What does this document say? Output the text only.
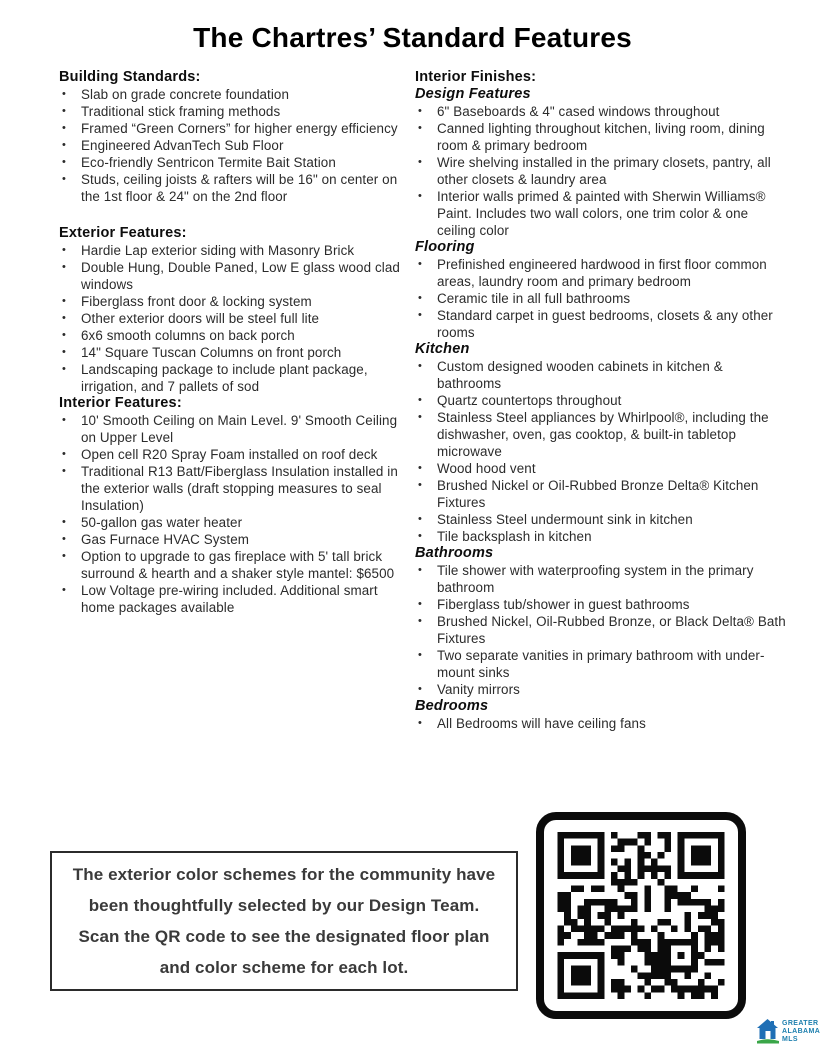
The Chartres’ Standard Features
Building Standards:
•	Slab on grade concrete foundation
•	Traditional stick framing methods
•	Framed “Green Corners” for higher energy efficiency
•	Engineered AdvanTech Sub Floor
•	Eco-friendly Sentricon Termite Bait Station
•	Studs, ceiling joists & rafters will be 16" on center on the 1st floor & 24" on the 2nd floor
Exterior Features:
•	Hardie Lap exterior siding with Masonry Brick
•	Double Hung, Double Paned, Low E glass wood clad windows
•	Fiberglass front door & locking system
•	Other exterior doors will be steel full lite
•	6x6 smooth columns on back porch
•	14" Square Tuscan Columns on front porch
•	Landscaping package to include plant package, irrigation, and 7 pallets of sod
Interior Features:
•	10' Smooth Ceiling on Main Level. 9' Smooth Ceiling on Upper Level
•	Open cell R20 Spray Foam installed on roof deck
•	Traditional R13 Batt/Fiberglass Insulation installed in the exterior walls (draft stopping measures to seal Insulation)
•	50-gallon gas water heater
•	Gas Furnace HVAC System
•	Option to upgrade to gas fireplace with 5' tall brick surround & hearth and a shaker style mantel: $6500
•	Low Voltage pre-wiring included. Additional smart home packages available
Interior Finishes:
Design Features
•	6" Baseboards & 4" cased windows throughout
•	Canned lighting throughout kitchen, living room, dining room & primary bedroom
•	Wire shelving installed in the primary closets, pantry, all other closets & laundry area
•	Interior walls primed & painted with Sherwin Williams® Paint. Includes two wall colors, one trim color & one ceiling color
Flooring
•	Prefinished engineered hardwood in first floor common areas, laundry room and primary bedroom
•	Ceramic tile in all full bathrooms
•	Standard carpet in guest bedrooms, closets & any other rooms
Kitchen
•	Custom designed wooden cabinets in kitchen & bathrooms
•	Quartz countertops throughout
•	Stainless Steel appliances by Whirlpool®, including the dishwasher, oven, gas cooktop, & built-in tabletop microwave
•	Wood hood vent
•	Brushed Nickel or Oil-Rubbed Bronze Delta® Kitchen Fixtures
•	Stainless Steel undermount sink in kitchen
•	Tile backsplash in kitchen
Bathrooms
•	Tile shower with waterproofing system in the primary bathroom
•	Fiberglass tub/shower in guest bathrooms
•	Brushed Nickel, Oil-Rubbed Bronze, or Black Delta® Bath Fixtures
•	Two separate vanities in primary bathroom with under-mount sinks
•	Vanity mirrors
Bedrooms
•	All Bedrooms will have ceiling fans
The exterior color schemes for the community have been thoughtfully selected by our Design Team. Scan the QR code to see the designated floor plan and color scheme for each lot.
GREATER
ALABAMA
MLS
